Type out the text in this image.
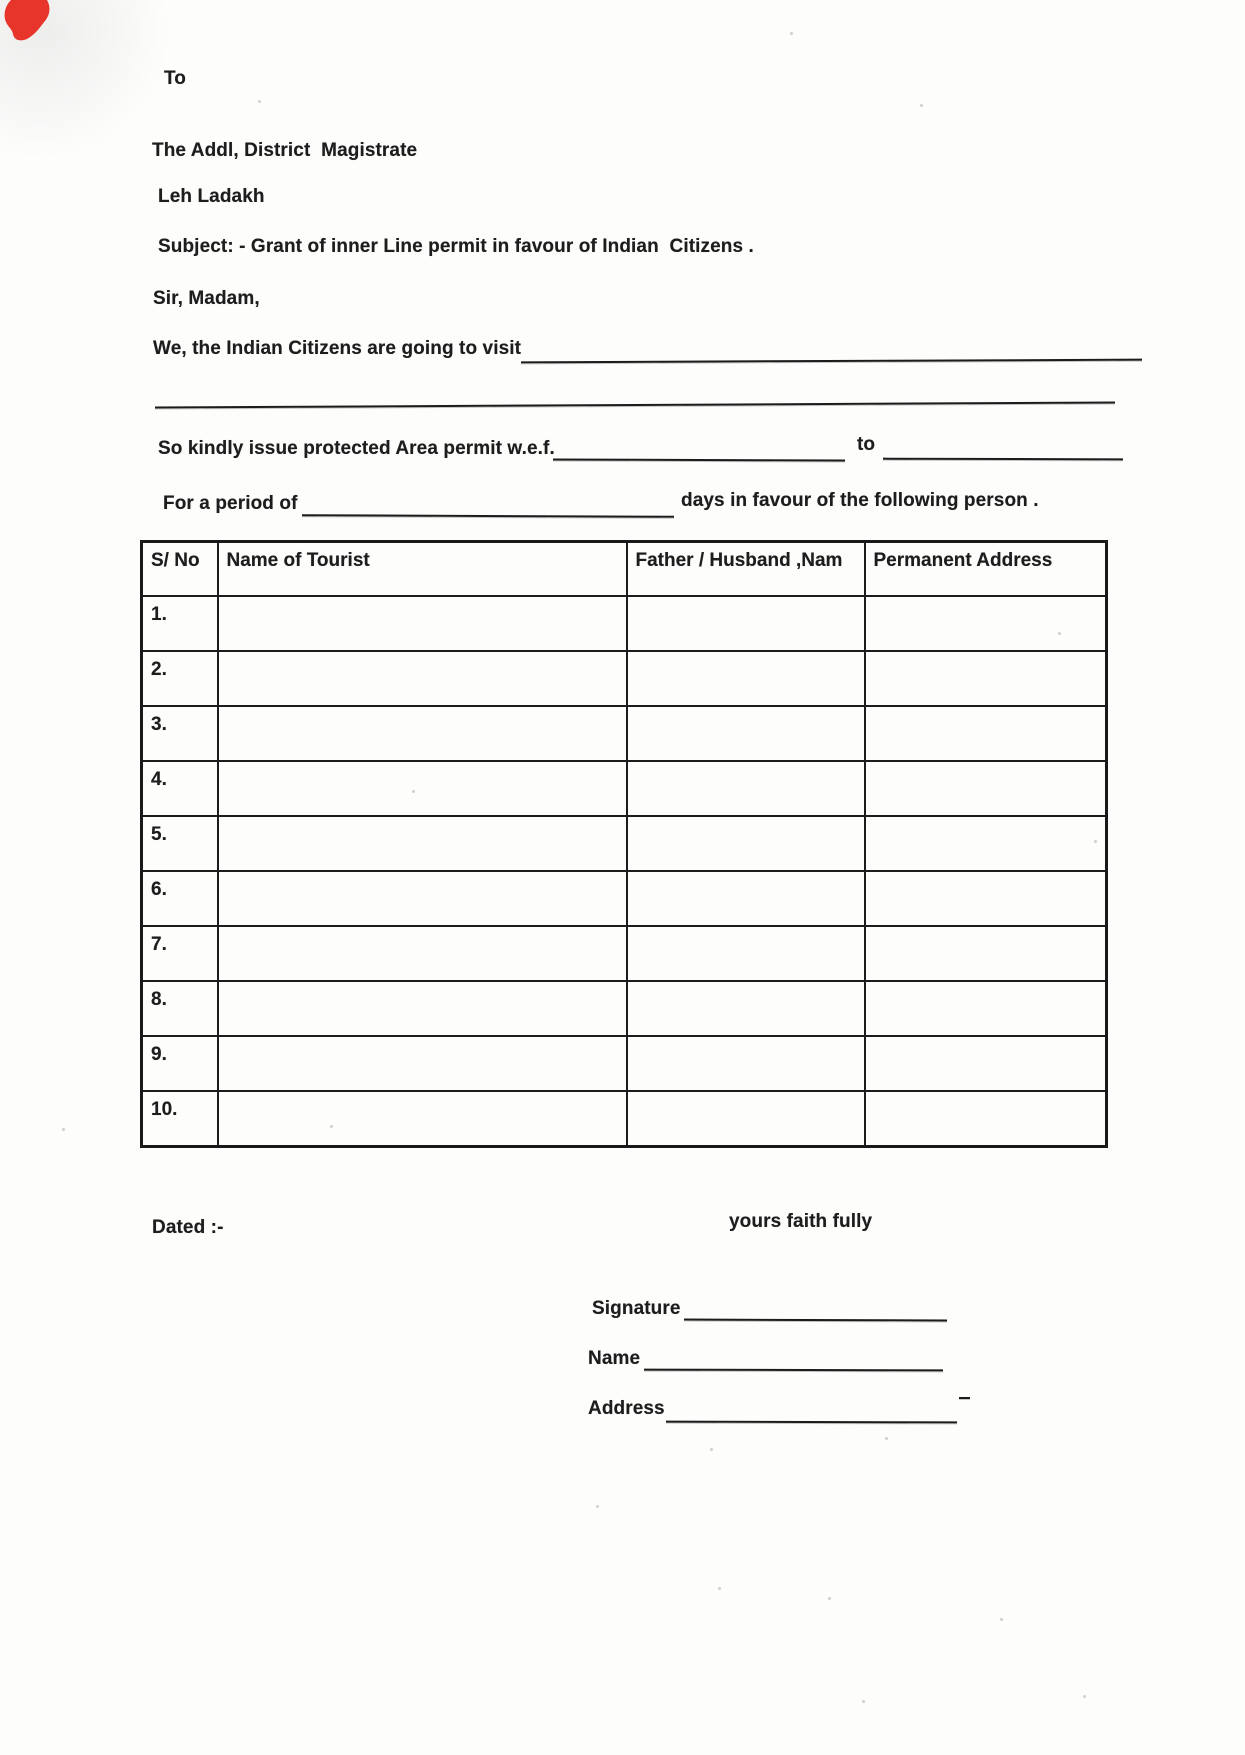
To
The Addl, District  Magistrate
Leh Ladakh
Subject: - Grant of inner Line permit in favour of Indian  Citizens .
Sir, Madam,
We, the Indian Citizens are going to visit
So kindly issue protected Area permit w.e.f.	to
For a period of	days in favour of the following person .
S/ No	Name of Tourist	Father / Husband ,Nam	Permanent Address
1.			
2.			
3.			
4.			
5.			
6.			
7.			
8.			
9.			
10.			
Dated :-	yours faith fully
Signature
Name
Address
